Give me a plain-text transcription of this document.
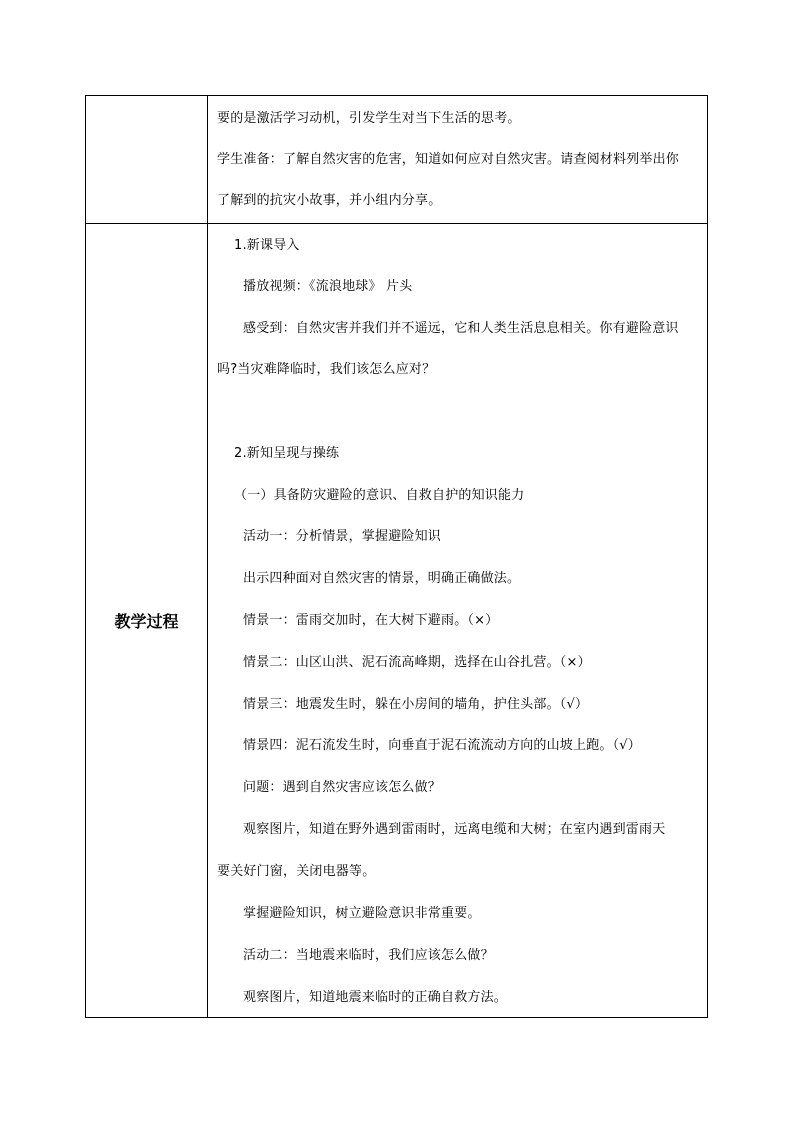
要的是激活学习动机，引发学生对当下生活的思考。
学生准备：了解自然灾害的危害，知道如何应对自然灾害。请查阅材料列举出你
了解到的抗灾小故事，并小组内分享。
教学过程
1.新课导入
播放视频：《流浪地球》 片头
感受到：自然灾害并我们并不遥远，它和人类生活息息相关。你有避险意识
吗?当灾难降临时，我们该怎么应对？
2.新知呈现与操练
（一）具备防灾避险的意识、自救自护的知识能力
活动一：分析情景，掌握避险知识
出示四种面对自然灾害的情景，明确正确做法。
情景一：雷雨交加时，在大树下避雨。（×）
情景二：山区山洪、泥石流高峰期，选择在山谷扎营。（×）
情景三：地震发生时，躲在小房间的墙角，护住头部。（√）
情景四：泥石流发生时，向垂直于泥石流流动方向的山坡上跑。（√）
问题：遇到自然灾害应该怎么做？
观察图片，知道在野外遇到雷雨时，远离电缆和大树；在室内遇到雷雨天
要关好门窗，关闭电器等。
掌握避险知识，树立避险意识非常重要。
活动二：当地震来临时，我们应该怎么做？
观察图片，知道地震来临时的正确自救方法。
